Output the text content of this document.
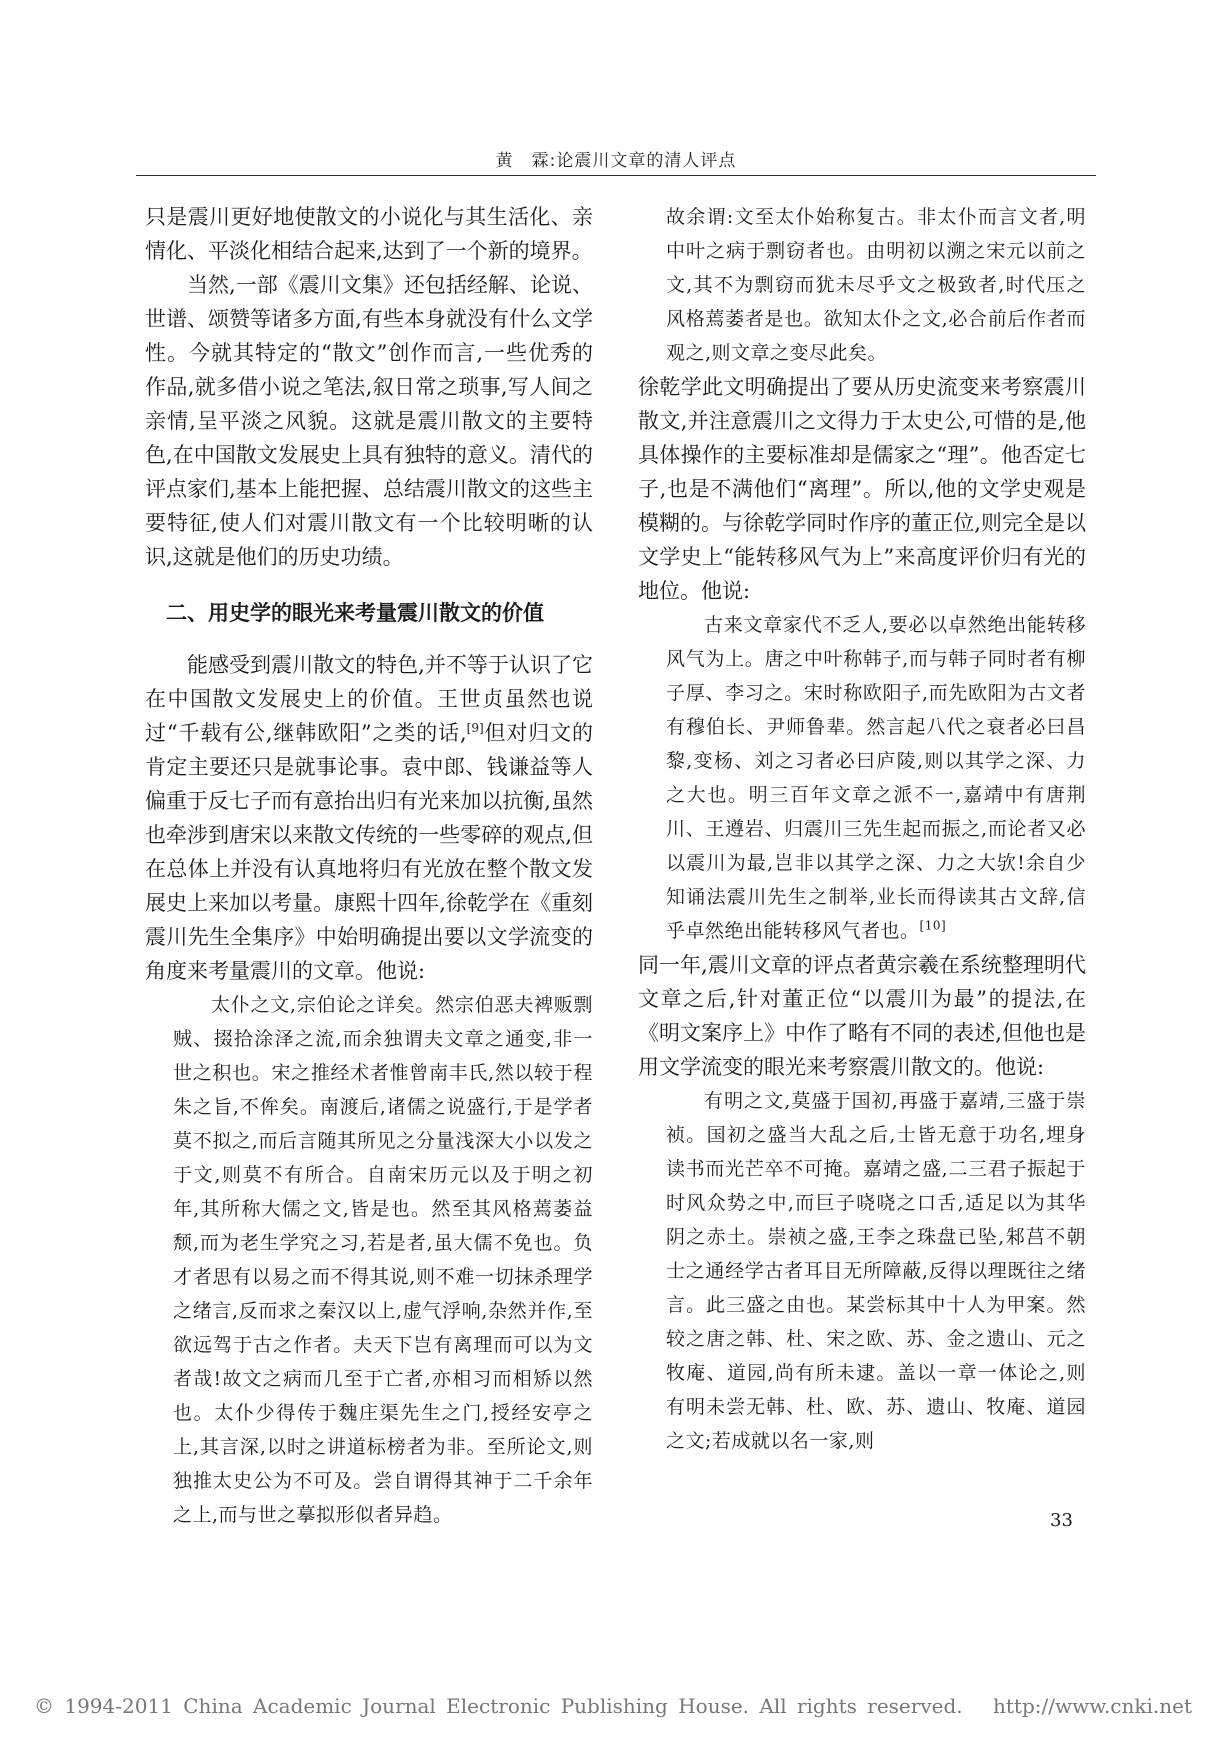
黄　霖:论震川文章的清人评点

只是震川更好地使散文的小说化与其生活化、亲情化、平淡化相结合起来,达到了一个新的境界。

当然,一部《震川文集》还包括经解、论说、世谱、颂赞等诸多方面,有些本身就没有什么文学性。今就其特定的“散文”创作而言,一些优秀的作品,就多借小说之笔法,叙日常之琐事,写人间之亲情,呈平淡之风貌。这就是震川散文的主要特色,在中国散文发展史上具有独特的意义。清代的评点家们,基本上能把握、总结震川散文的这些主要特征,使人们对震川散文有一个比较明晰的认识,这就是他们的历史功绩。

二、用史学的眼光来考量震川散文的价值

能感受到震川散文的特色,并不等于认识了它在中国散文发展史上的价值。王世贞虽然也说过“千载有公,继韩欧阳”之类的话,[9]但对归文的肯定主要还只是就事论事。袁中郎、钱谦益等人偏重于反七子而有意抬出归有光来加以抗衡,虽然也牵涉到唐宋以来散文传统的一些零碎的观点,但在总体上并没有认真地将归有光放在整个散文发展史上来加以考量。康熙十四年,徐乾学在《重刻震川先生全集序》中始明确提出要以文学流变的角度来考量震川的文章。他说:

太仆之文,宗伯论之详矣。然宗伯恶夫裨贩剽贼、掇拾涂泽之流,而余独谓夫文章之通变,非一世之积也。宋之推经术者惟曾南丰氏,然以较于程朱之旨,不侔矣。南渡后,诸儒之说盛行,于是学者莫不拟之,而后言随其所见之分量浅深大小以发之于文,则莫不有所合。自南宋历元以及于明之初年,其所称大儒之文,皆是也。然至其风格蔫萎益颓,而为老生学究之习,若是者,虽大儒不免也。负才者思有以易之而不得其说,则不难一切抹杀理学之绪言,反而求之秦汉以上,虚气浮响,杂然并作,至欲远驾于古之作者。夫天下岂有离理而可以为文者哉!故文之病而几至于亡者,亦相习而相矫以然也。太仆少得传于魏庄渠先生之门,授经安亭之上,其言深,以时之讲道标榜者为非。至所论文,则独推太史公为不可及。尝自谓得其神于二千余年之上,而与世之摹拟形似者异趋。

故余谓:文至太仆始称复古。非太仆而言文者,明中叶之病于剽窃者也。由明初以溯之宋元以前之文,其不为剽窃而犹未尽乎文之极致者,时代压之风格蔫萎者是也。欲知太仆之文,必合前后作者而观之,则文章之变尽此矣。

徐乾学此文明确提出了要从历史流变来考察震川散文,并注意震川之文得力于太史公,可惜的是,他具体操作的主要标准却是儒家之“理”。他否定七子,也是不满他们“离理”。所以,他的文学史观是模糊的。与徐乾学同时作序的董正位,则完全是以文学史上“能转移风气为上”来高度评价归有光的地位。他说:

古来文章家代不乏人,要必以卓然绝出能转移风气为上。唐之中叶称韩子,而与韩子同时者有柳子厚、李习之。宋时称欧阳子,而先欧阳为古文者有穆伯长、尹师鲁辈。然言起八代之衰者必曰昌黎,变杨、刘之习者必曰庐陵,则以其学之深、力之大也。明三百年文章之派不一,嘉靖中有唐荆川、王遵岩、归震川三先生起而振之,而论者又必以震川为最,岂非以其学之深、力之大欤!余自少知诵法震川先生之制举,业长而得读其古文辞,信乎卓然绝出能转移风气者也。[10]

同一年,震川文章的评点者黄宗羲在系统整理明代文章之后,针对董正位“以震川为最”的提法,在《明文案序上》中作了略有不同的表述,但他也是用文学流变的眼光来考察震川散文的。他说:

有明之文,莫盛于国初,再盛于嘉靖,三盛于崇祯。国初之盛当大乱之后,士皆无意于功名,埋身读书而光芒卒不可掩。嘉靖之盛,二三君子振起于时风众势之中,而巨子哓哓之口舌,适足以为其华阴之赤土。崇祯之盛,王李之珠盘已坠,邾莒不朝士之通经学古者耳目无所障蔽,反得以理既往之绪言。此三盛之由也。某尝标其中十人为甲案。然较之唐之韩、杜、宋之欧、苏、金之遗山、元之牧庵、道园,尚有所未逮。盖以一章一体论之,则有明未尝无韩、杜、欧、苏、遗山、牧庵、道园之文;若成就以名一家,则

33
© 1994-2011 China Academic Journal Electronic Publishing House. All rights reserved.　 http://www.cnki.net
